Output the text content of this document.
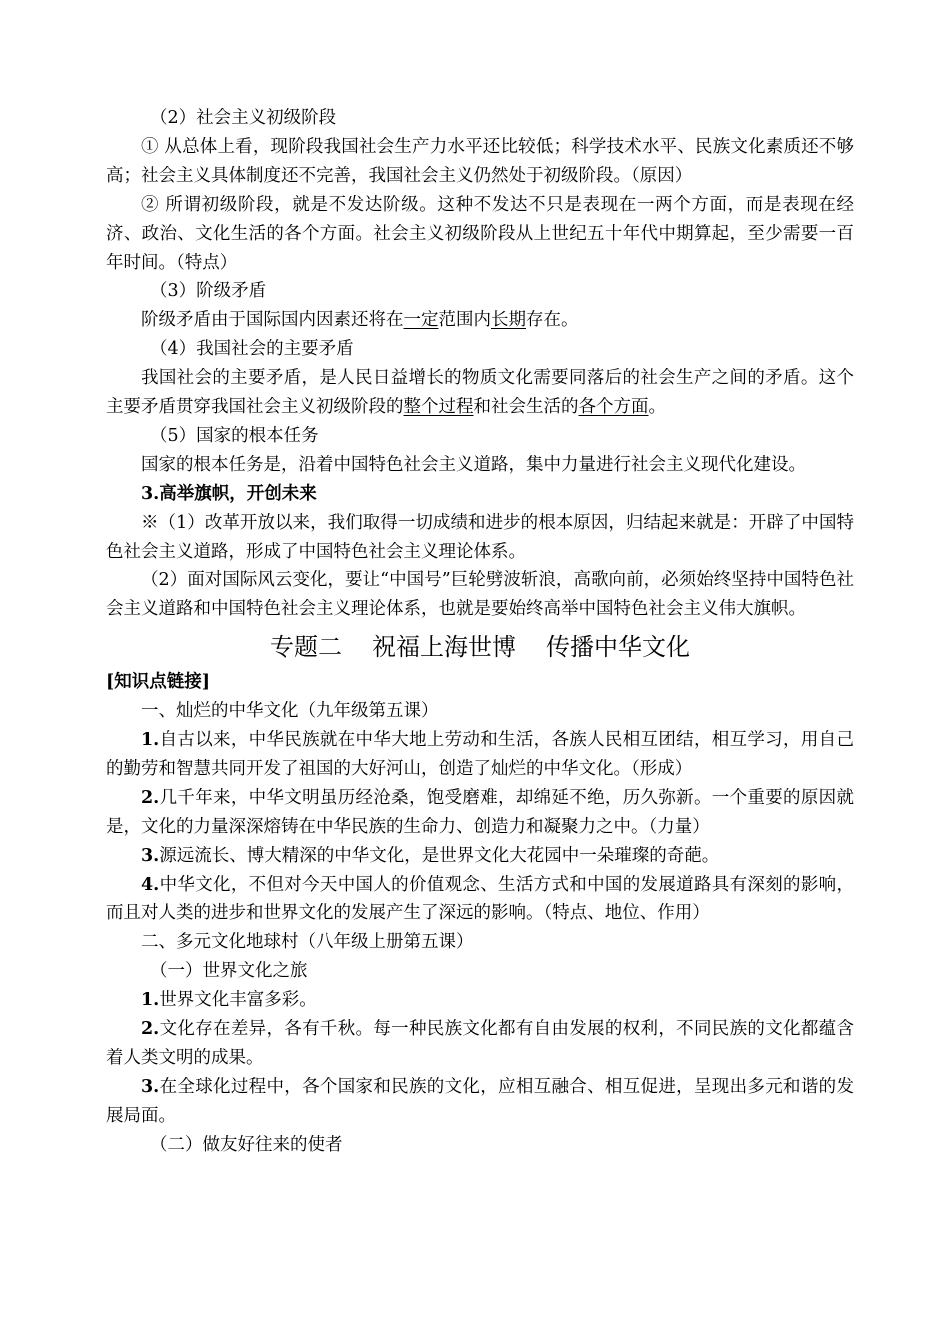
（2）社会主义初级阶段
① 从总体上看，现阶段我国社会生产力水平还比较低；科学技术水平、民族文化素质还不够高；社会主义具体制度还不完善，我国社会主义仍然处于初级阶段。（原因）
② 所谓初级阶段，就是不发达阶级。这种不发达不只是表现在一两个方面，而是表现在经济、政治、文化生活的各个方面。社会主义初级阶段从上世纪五十年代中期算起，至少需要一百年时间。（特点）
（3）阶级矛盾
阶级矛盾由于国际国内因素还将在一定范围内长期存在。
（4）我国社会的主要矛盾
我国社会的主要矛盾，是人民日益增长的物质文化需要同落后的社会生产之间的矛盾。这个主要矛盾贯穿我国社会主义初级阶段的整个过程和社会生活的各个方面。
（5）国家的根本任务
国家的根本任务是，沿着中国特色社会主义道路，集中力量进行社会主义现代化建设。
3.高举旗帜，开创未来
※（1）改革开放以来，我们取得一切成绩和进步的根本原因，归结起来就是：开辟了中国特色社会主义道路，形成了中国特色社会主义理论体系。
（2）面对国际风云变化，要让“中国号”巨轮劈波斩浪，高歌向前，必须始终坚持中国特色社会主义道路和中国特色社会主义理论体系，也就是要始终高举中国特色社会主义伟大旗帜。
专题二 祝福上海世博 传播中华文化
[知识点链接]
一、灿烂的中华文化（九年级第五课）
1.自古以来，中华民族就在中华大地上劳动和生活，各族人民相互团结，相互学习，用自己的勤劳和智慧共同开发了祖国的大好河山，创造了灿烂的中华文化。（形成）
2.几千年来，中华文明虽历经沧桑，饱受磨难，却绵延不绝，历久弥新。一个重要的原因就是，文化的力量深深熔铸在中华民族的生命力、创造力和凝聚力之中。（力量）
3.源远流长、博大精深的中华文化，是世界文化大花园中一朵璀璨的奇葩。
4.中华文化，不但对今天中国人的价值观念、生活方式和中国的发展道路具有深刻的影响，而且对人类的进步和世界文化的发展产生了深远的影响。（特点、地位、作用）
二、多元文化地球村（八年级上册第五课）
（一）世界文化之旅
1.世界文化丰富多彩。
2.文化存在差异，各有千秋。每一种民族文化都有自由发展的权利，不同民族的文化都蕴含着人类文明的成果。
3.在全球化过程中，各个国家和民族的文化，应相互融合、相互促进，呈现出多元和谐的发展局面。
（二）做友好往来的使者
